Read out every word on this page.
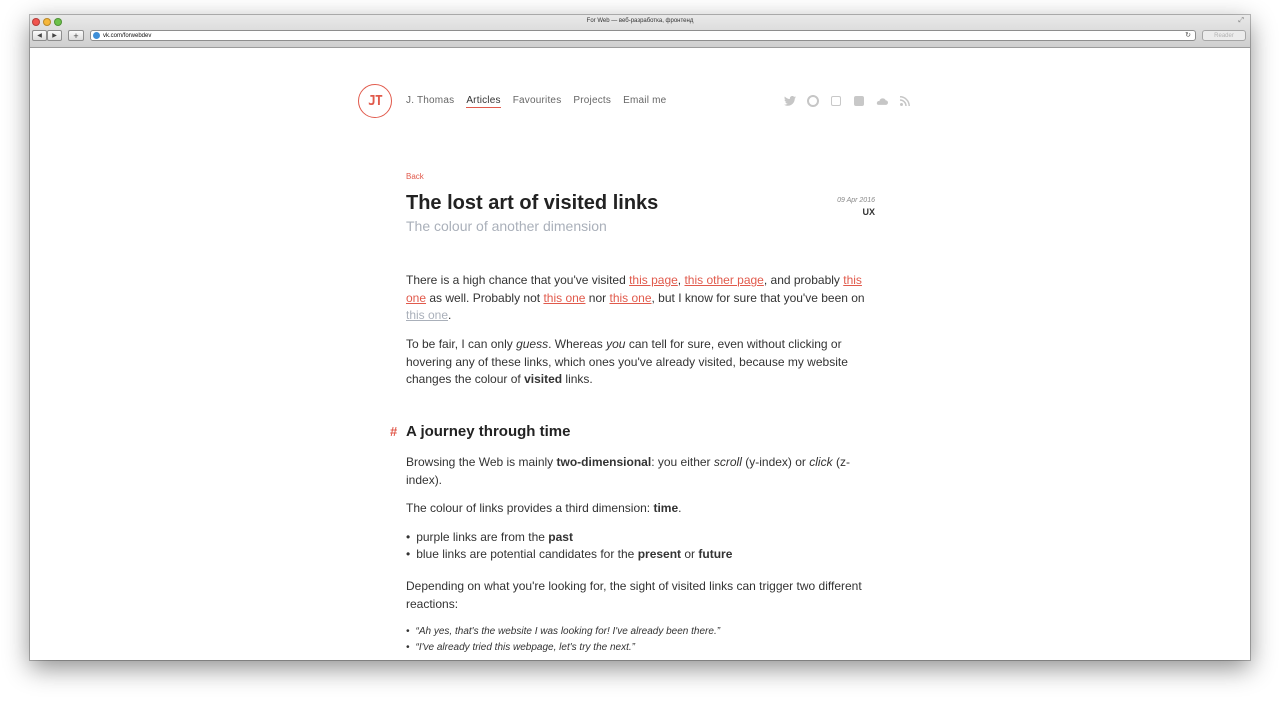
For Web — веб-разработка, фронтенд	⤢
◀	▶	+	vk.com/forwebdev	↻	Reader
JT	J. Thomas Articles Favourites Projects Email me
Back
The lost art of visited links
The colour of another dimension
09 Apr 2016
UX

There is a high chance that you've visited this page, this other page, and probably this one as well. Probably not this one nor this one, but I know for sure that you've been on this one.

To be fair, I can only guess. Whereas you can tell for sure, even without clicking or hovering any of these links, which ones you've already visited, because my website changes the colour of visited links.

# A journey through time

Browsing the Web is mainly two-dimensional: you either scroll (y-index) or click (z-index).

The colour of links provides a third dimension: time.

• purple links are from the past
• blue links are potential candidates for the present or future

Depending on what you're looking for, the sight of visited links can trigger two different reactions:

• “Ah yes, that's the website I was looking for! I've already been there.”
• “I've already tried this webpage, let's try the next.”
